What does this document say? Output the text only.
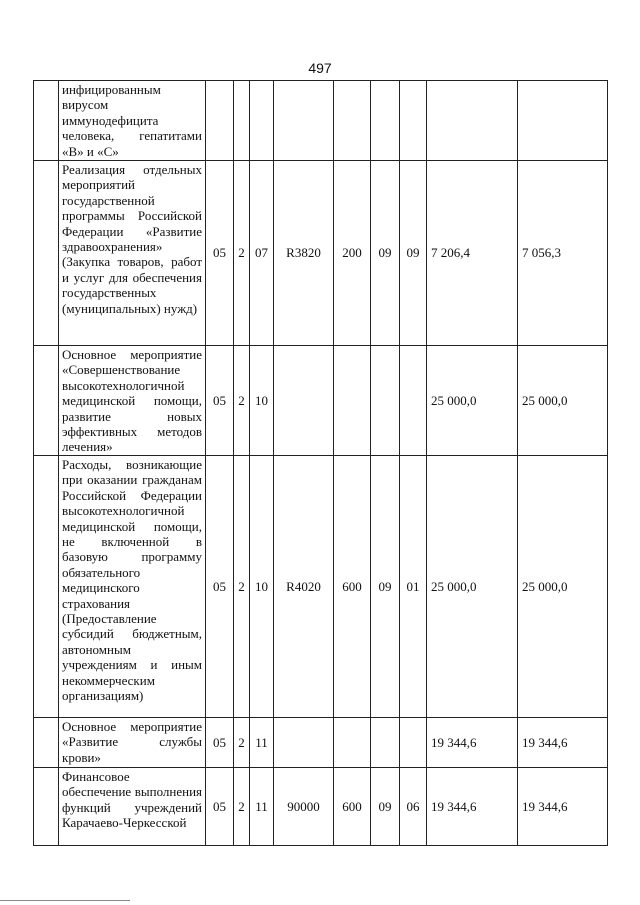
497
	инфицированным вирусом иммунодефицита человека, гепатитами «В» и «С»									
	Реализация отдельных мероприятий государственной программы Российской Федерации «Развитие здравоохранения» (Закупка товаров, работ и услуг для обеспечения государственных (муниципальных) нужд)	05	2	07	R3820	200	09	09	7 206,4	7 056,3
	Основное мероприятие «Совершенствование высокотехнологичной медицинской помощи, развитие новых эффективных методов лечения»	05	2	10					25 000,0	25 000,0
	Расходы, возникающие при оказании гражданам Российской Федерации высокотехнологичной медицинской помощи, не включенной в базовую программу обязательного медицинского страхования (Предоставление субсидий бюджетным, автономным учреждениям и иным некоммерческим организациям)	05	2	10	R4020	600	09	01	25 000,0	25 000,0
	Основное мероприятие «Развитие службы крови»	05	2	11					19 344,6	19 344,6
	Финансовое обеспечение выполнения функций учреждений Карачаево-Черкесской	05	2	11	90000	600	09	06	19 344,6	19 344,6
